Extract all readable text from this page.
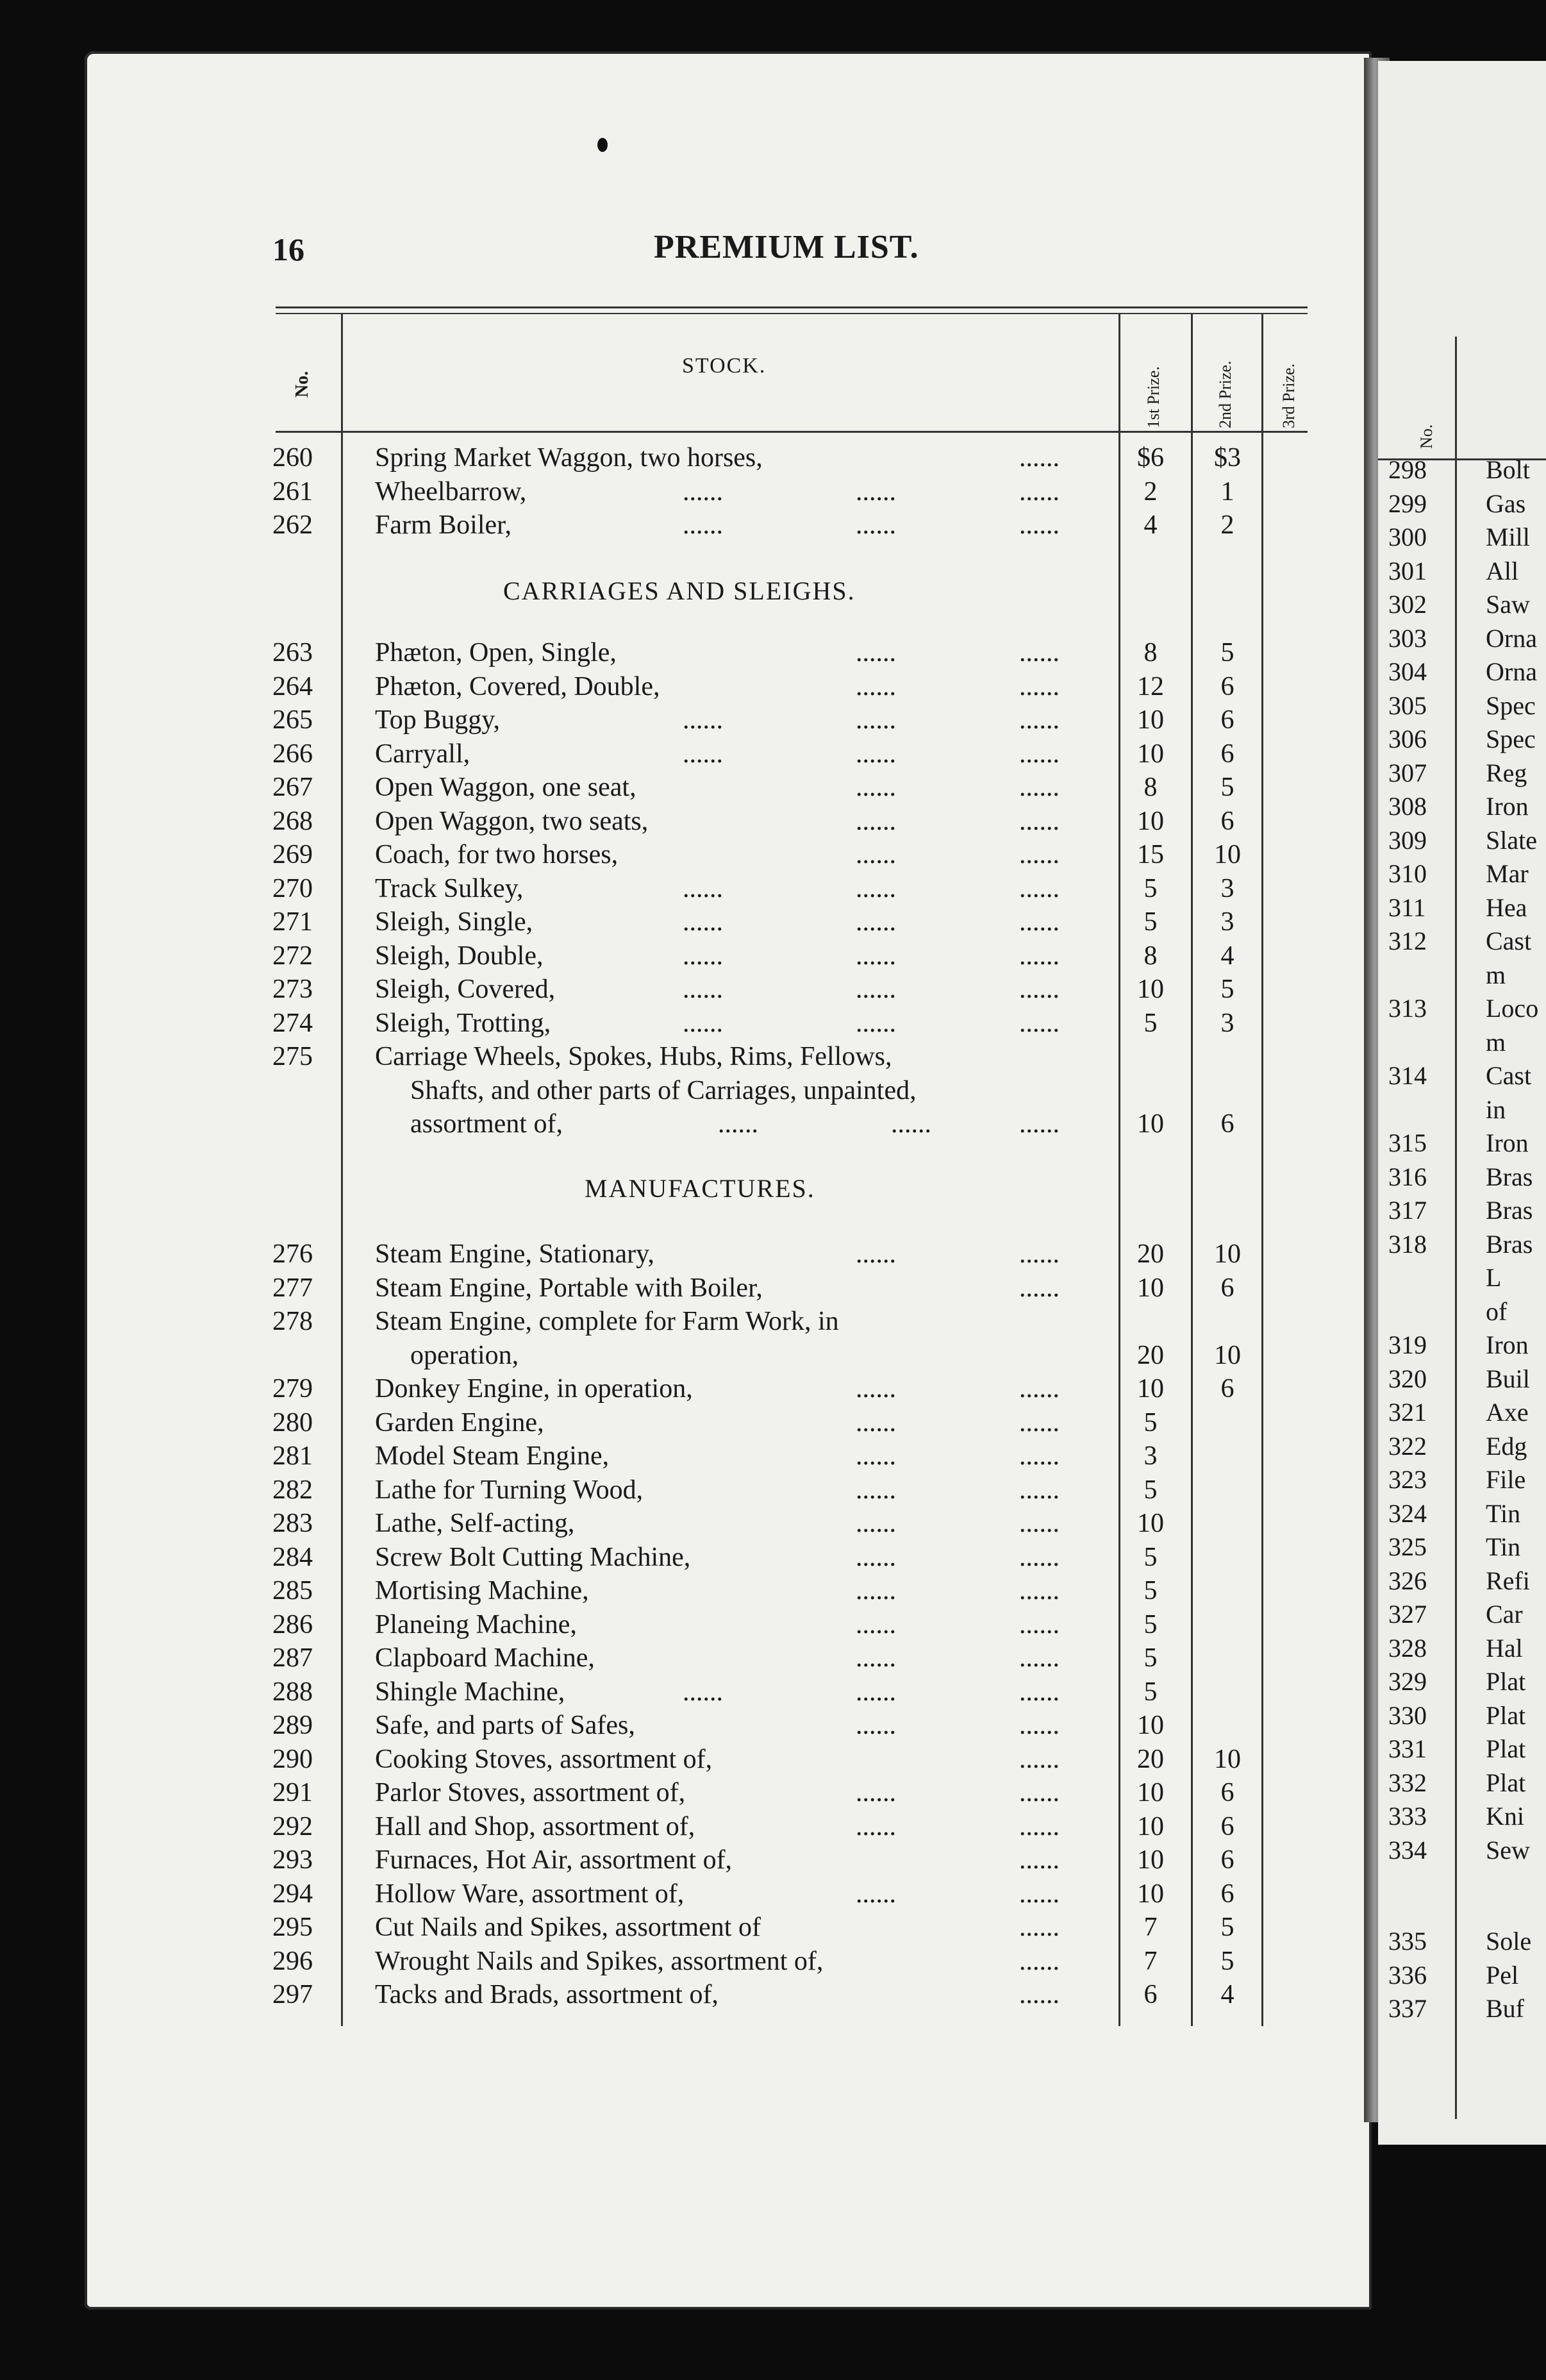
No.
298 Bolt
299 Gas
300 Mill
301 All
302 Saw
303 Orna
304 Orna
305 Spec
306 Spec
307 Reg
308 Iron
309 Slate
310 Mar
311 Hea
312 Cast
m
313 Loco
m
314 Cast
in
315 Iron
316 Bras
317 Bras
318 Bras
L
of
319 Iron
320 Buil
321 Axe
322 Edg
323 File
324 Tin
325 Tin
326 Refi
327 Car
328 Hal
329 Plat
330 Plat
331 Plat
332 Plat
333 Kni
334 Sew
335 Sole
336 Pel
337 Buf
16	PREMIUM LIST.
No.
STOCK.
1st Prize.	2nd Prize.	3rd Prize.
260	Spring Market Waggon, two horses,	......	$6	$3
261	Wheelbarrow,	......	......	......	2	1
262	Farm Boiler,	......	......	......	4	2
CARRIAGES AND SLEIGHS.
263	Phæton, Open, Single,	......	......	8	5
264	Phæton, Covered, Double,	......	......	12	6
265	Top Buggy,	......	......	......	10	6
266	Carryall,	......	......	......	10	6
267	Open Waggon, one seat,	......	......	8	5
268	Open Waggon, two seats,	......	......	10	6
269	Coach, for two horses,	......	......	15	10
270	Track Sulkey,	......	......	......	5	3
271	Sleigh, Single,	......	......	......	5	3
272	Sleigh, Double,	......	......	......	8	4
273	Sleigh, Covered,	......	......	......	10	5
274	Sleigh, Trotting,	......	......	......	5	3
275	Carriage Wheels, Spokes, Hubs, Rims, Fellows,
Shafts, and other parts of Carriages, unpainted,
assortment of,	......	......	......	10	6
MANUFACTURES.
276	Steam Engine, Stationary,	......	......	20	10
277	Steam Engine, Portable with Boiler,	......	10	6
278	Steam Engine, complete for Farm Work, in
operation,	20	10
279	Donkey Engine, in operation,	......	......	10	6
280	Garden Engine,	......	......	5
281	Model Steam Engine,	......	......	3
282	Lathe for Turning Wood,	......	......	5
283	Lathe, Self-acting,	......	......	10
284	Screw Bolt Cutting Machine,	......	......	5
285	Mortising Machine,	......	......	5
286	Planeing Machine,	......	......	5
287	Clapboard Machine,	......	......	5
288	Shingle Machine,	......	......	......	5
289	Safe, and parts of Safes,	......	......	10
290	Cooking Stoves, assortment of,	......	20	10
291	Parlor Stoves, assortment of,	......	......	10	6
292	Hall and Shop, assortment of,	......	......	10	6
293	Furnaces, Hot Air, assortment of,	......	10	6
294	Hollow Ware, assortment of,	......	......	10	6
295	Cut Nails and Spikes, assortment of	......	7	5
296	Wrought Nails and Spikes, assortment of,	......	7	5
297	Tacks and Brads, assortment of,	......	6	4
